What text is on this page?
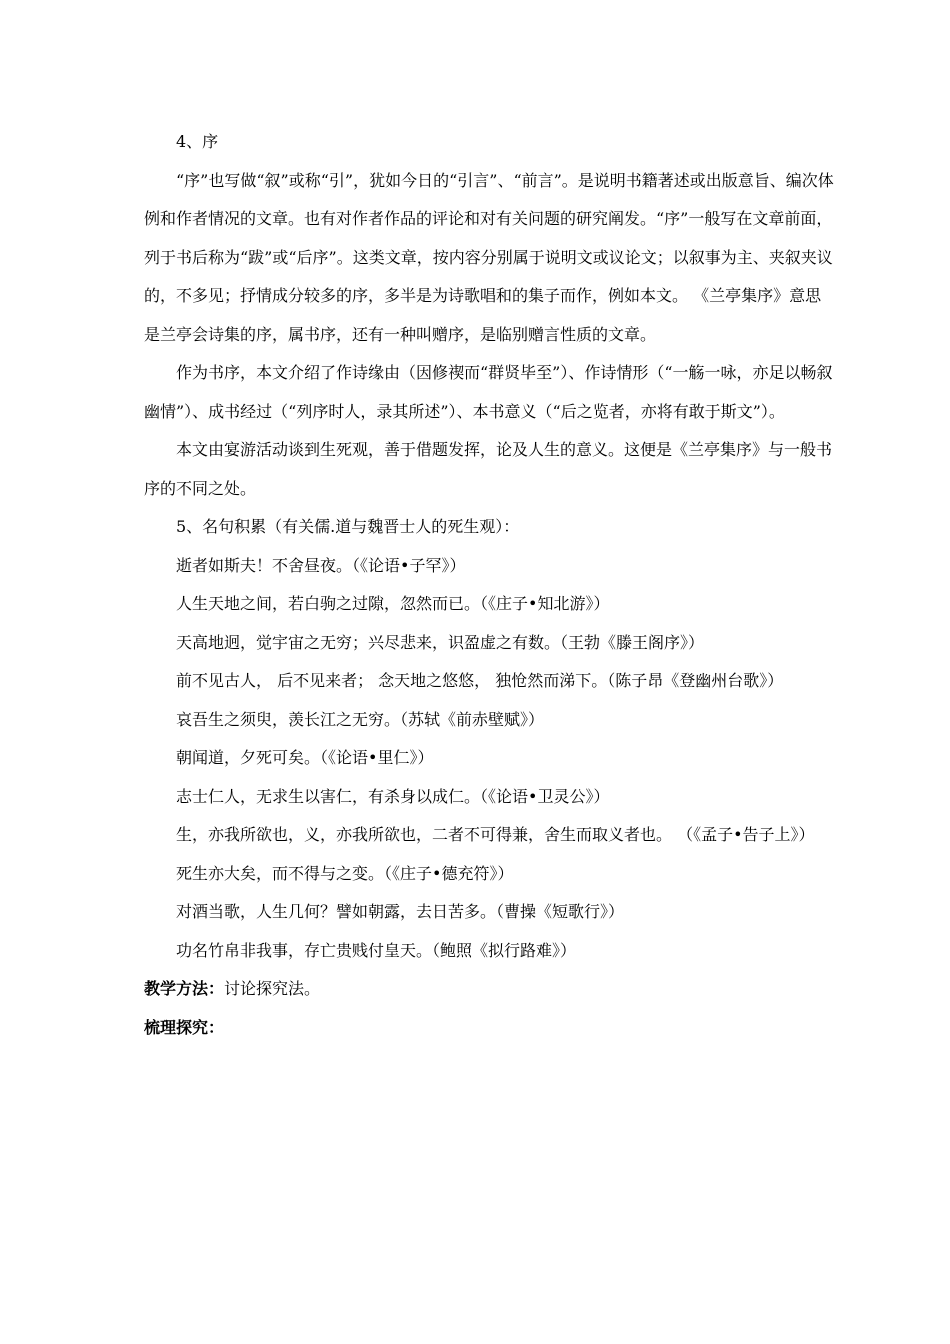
4、序

“序”也写做“叙”或称“引”，犹如今日的“引言”、“前言”。是说明书籍著述或出版意旨、编次体例和作者情况的文章。也有对作者作品的评论和对有关问题的研究阐发。“序”一般写在文章前面，列于书后称为“跋”或“后序”。这类文章，按内容分别属于说明文或议论文；以叙事为主、夹叙夹议的，不多见；抒情成分较多的序，多半是为诗歌唱和的集子而作，例如本文。 《兰亭集序》意思是兰亭会诗集的序，属书序，还有一种叫赠序，是临别赠言性质的文章。

作为书序，本文介绍了作诗缘由（因修禊而“群贤毕至”）、作诗情形（“一觞一咏，亦足以畅叙幽情”）、成书经过（“列序时人，录其所述”）、本书意义（“后之览者，亦将有敢于斯文”）。

本文由宴游活动谈到生死观，善于借题发挥，论及人生的意义。这便是《兰亭集序》与一般书序的不同之处。

5、名句积累（有关儒.道与魏晋士人的死生观）：

逝者如斯夫！不舍昼夜。（《论语•子罕》）

人生天地之间，若白驹之过隙，忽然而已。（《庄子•知北游》）

天高地迥，觉宇宙之无穷；兴尽悲来，识盈虚之有数。（王勃《滕王阁序》）

前不见古人， 后不见来者； 念天地之悠悠， 独怆然而涕下。（陈子昂《登幽州台歌》）

哀吾生之须臾，羡长江之无穷。（苏轼《前赤壁赋》）

朝闻道，夕死可矣。（《论语•里仁》）

志士仁人，无求生以害仁，有杀身以成仁。（《论语•卫灵公》）

生，亦我所欲也，义，亦我所欲也，二者不可得兼，舍生而取义者也。 （《孟子•告子上》）

死生亦大矣，而不得与之变。（《庄子•德充符》）

对酒当歌，人生几何？譬如朝露，去日苦多。（曹操《短歌行》）

功名竹帛非我事，存亡贵贱付皇天。（鲍照《拟行路难》）

教学方法：讨论探究法。

梳理探究：
